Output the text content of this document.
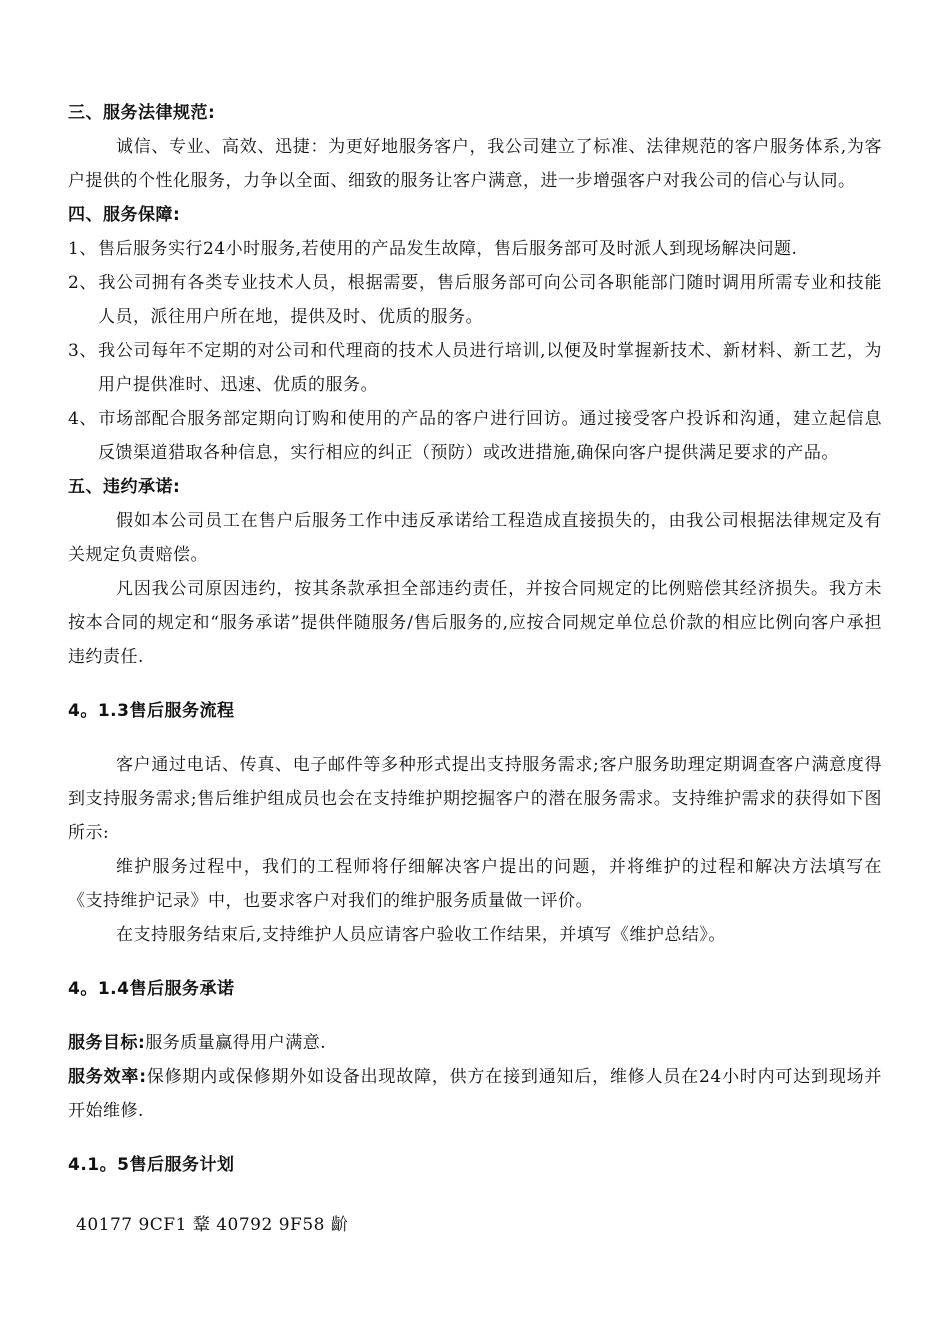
三、服务法律规范:
诚信、专业、高效、迅捷：为更好地服务客户，我公司建立了标准、法律规范的客户服务体系,为客户提供的个性化服务，力争以全面、细致的服务让客户满意，进一步增强客户对我公司的信心与认同。
四、服务保障:
1、售后服务实行24小时服务,若使用的产品发生故障，售后服务部可及时派人到现场解决问题.
2、我公司拥有各类专业技术人员，根据需要，售后服务部可向公司各职能部门随时调用所需专业和技能人员，派往用户所在地，提供及时、优质的服务。
3、我公司每年不定期的对公司和代理商的技术人员进行培训,以便及时掌握新技术、新材料、新工艺，为用户提供准时、迅速、优质的服务。
4、市场部配合服务部定期向订购和使用的产品的客户进行回访。通过接受客户投诉和沟通，建立起信息反馈渠道猎取各种信息，实行相应的纠正（预防）或改进措施,确保向客户提供满足要求的产品。
五、违约承诺:
假如本公司员工在售户后服务工作中违反承诺给工程造成直接损失的，由我公司根据法律规定及有关规定负责赔偿。
凡因我公司原因违约，按其条款承担全部违约责任，并按合同规定的比例赔偿其经济损失。我方未按本合同的规定和“服务承诺”提供伴随服务/售后服务的,应按合同规定单位总价款的相应比例向客户承担违约责任.
4。1.3售后服务流程
客户通过电话、传真、电子邮件等多种形式提出支持服务需求;客户服务助理定期调查客户满意度得到支持服务需求;售后维护组成员也会在支持维护期挖掘客户的潜在服务需求。支持维护需求的获得如下图所示:
维护服务过程中，我们的工程师将仔细解决客户提出的问题，并将维护的过程和解决方法填写在《支持维护记录》中，也要求客户对我们的维护服务质量做一评价。
在支持服务结束后,支持维护人员应请客户验收工作结果，并填写《维护总结》。
4。1.4售后服务承诺
服务目标:服务质量赢得用户满意.
服务效率:保修期内或保修期外如设备出现故障，供方在接到通知后，维修人员在24小时内可达到现场并开始维修.
4.1。5售后服务计划
40177 9CF1 鞪 40792 9F58 齘
